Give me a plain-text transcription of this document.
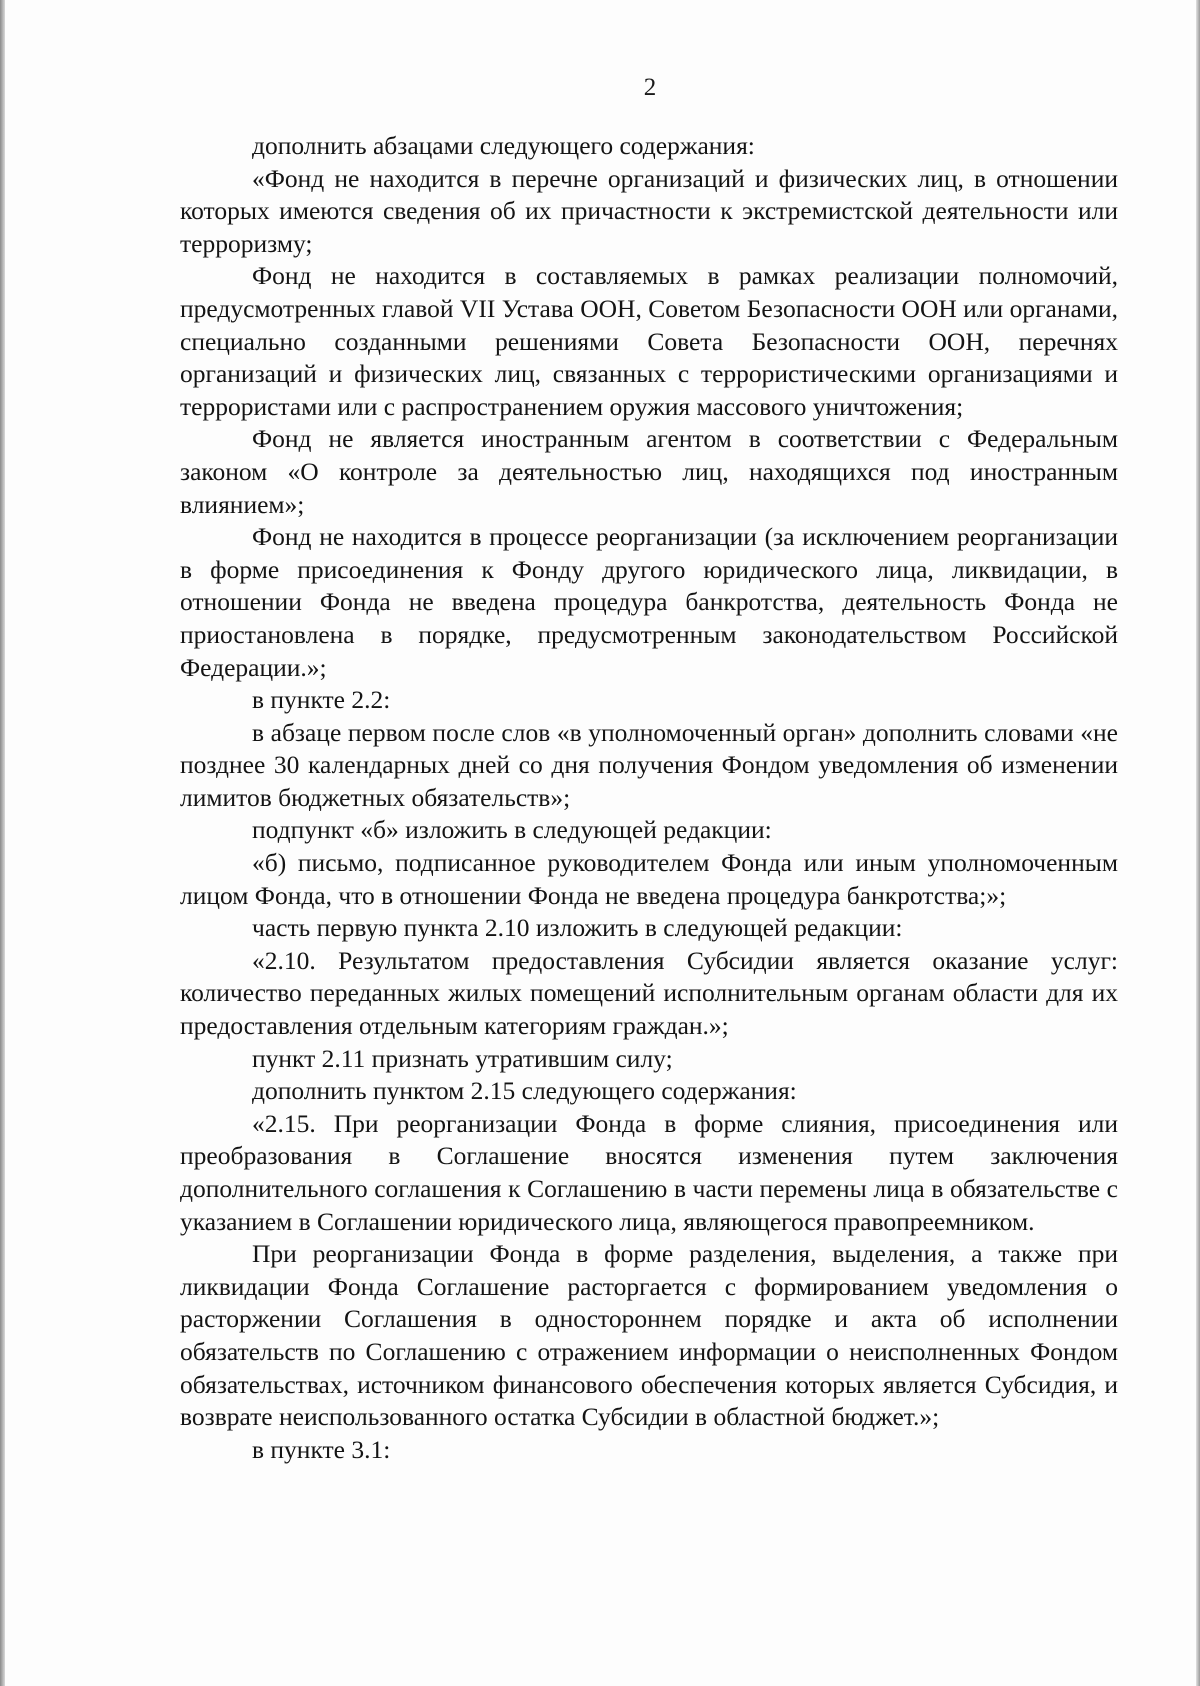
2

дополнить абзацами следующего содержания:

«Фонд не находится в перечне организаций и физических лиц, в отношении которых имеются сведения об их причастности к экстремистской деятельности или терроризму;

Фонд не находится в составляемых в рамках реализации полномочий, предусмотренных главой VII Устава ООН, Советом Безопасности ООН или органами, специально созданными решениями Совета Безопасности ООН, перечнях организаций и физических лиц, связанных с террористическими организациями и террористами или с распространением оружия массового уничтожения;

Фонд не является иностранным агентом в соответствии с Федеральным законом «О контроле за деятельностью лиц, находящихся под иностранным влиянием»;

Фонд не находится в процессе реорганизации (за исключением реорганизации в форме присоединения к Фонду другого юридического лица, ликвидации, в отношении Фонда не введена процедура банкротства, деятельность Фонда не приостановлена в порядке, предусмотренным законодательством Российской Федерации.»;

в пункте 2.2:

в абзаце первом после слов «в уполномоченный орган» дополнить словами «не позднее 30 календарных дней со дня получения Фондом уведомления об изменении лимитов бюджетных обязательств»;

подпункт «б» изложить в следующей редакции:

«б) письмо, подписанное руководителем Фонда или иным уполномоченным лицом Фонда, что в отношении Фонда не введена процедура банкротства;»;

часть первую пункта 2.10 изложить в следующей редакции:

«2.10. Результатом предоставления Субсидии является оказание услуг: количество переданных жилых помещений исполнительным органам области для их предоставления отдельным категориям граждан.»;

пункт 2.11 признать утратившим силу;

дополнить пунктом 2.15 следующего содержания:

«2.15. При реорганизации Фонда в форме слияния, присоединения или преобразования в Соглашение вносятся изменения путем заключения дополнительного соглашения к Соглашению в части перемены лица в обязательстве с указанием в Соглашении юридического лица, являющегося правопреемником.

При реорганизации Фонда в форме разделения, выделения, а также при ликвидации Фонда Соглашение расторгается с формированием уведомления о расторжении Соглашения в одностороннем порядке и акта об исполнении обязательств по Соглашению с отражением информации о неисполненных Фондом обязательствах, источником финансового обеспечения которых является Субсидия, и возврате неиспользованного остатка Субсидии в областной бюджет.»;

в пункте 3.1:
